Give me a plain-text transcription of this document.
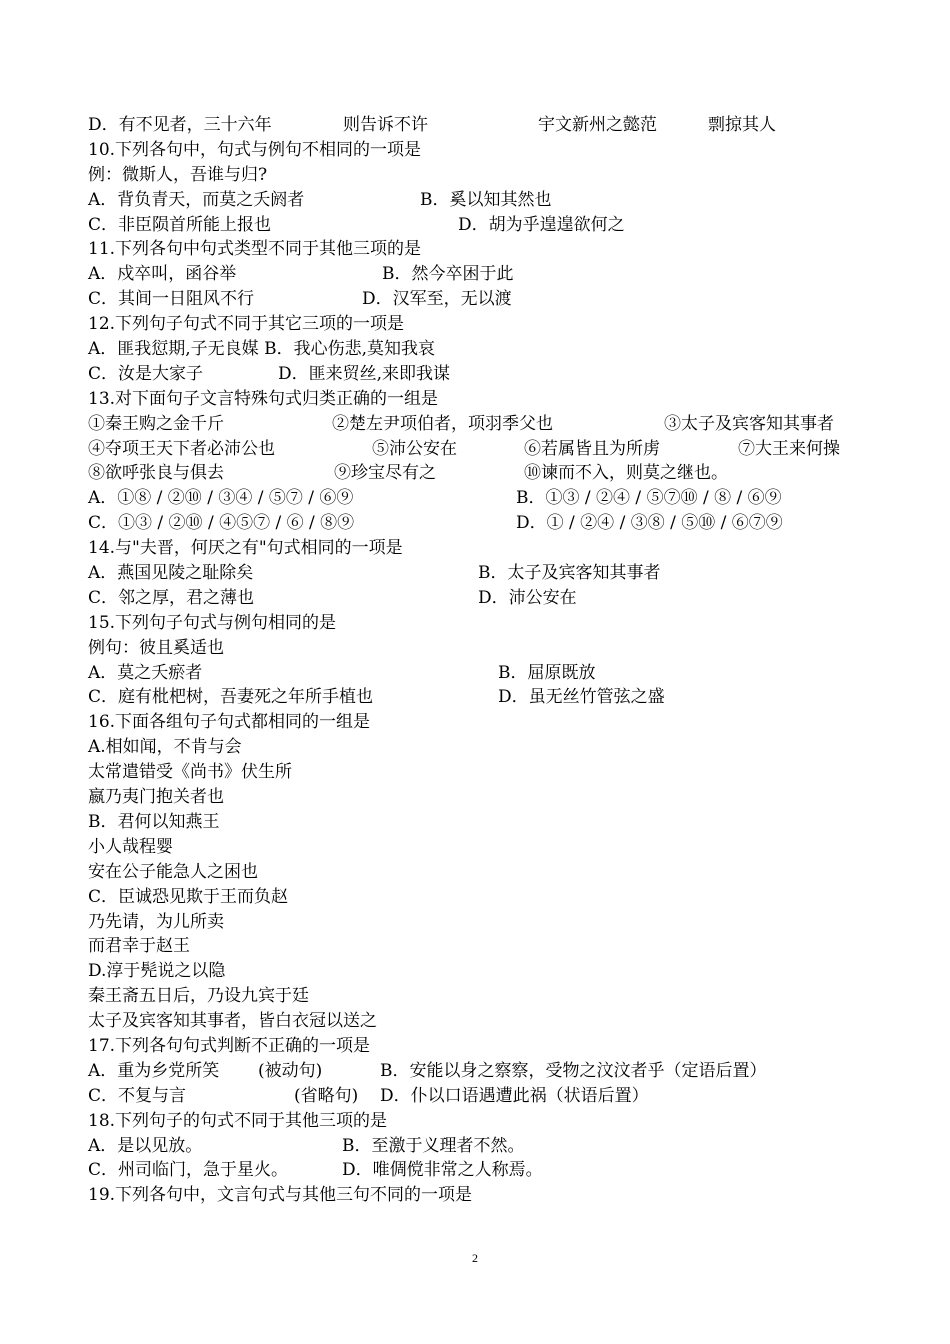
D．有不见者，三十六年	则告诉不许	宇文新州之懿范	剽掠其人
10.下列各句中，句式与例句不相同的一项是
例：微斯人，吾谁与归?
A．背负青天，而莫之夭阏者	B．奚以知其然也
C．非臣陨首所能上报也	D．胡为乎遑遑欲何之
11.下列各句中句式类型不同于其他三项的是
A．戍卒叫，函谷举	B．然今卒困于此
C．其间一日阻风不行	D．汉军至，无以渡
12.下列句子句式不同于其它三项的一项是
A．匪我愆期,子无良媒 B．我心伤悲,莫知我哀
C．汝是大家子	D．匪来贸丝,来即我谋
13.对下面句子文言特殊句式归类正确的一组是
①秦王购之金千斤	②楚左尹项伯者，项羽季父也	③太子及宾客知其事者
④夺项王天下者必沛公也	⑤沛公安在	⑥若属皆且为所虏	⑦大王来何操
⑧欲呼张良与俱去	⑨珍宝尽有之	⑩谏而不入，则莫之继也。
A．①⑧ / ②⑩ / ③④ / ⑤⑦ / ⑥⑨	B．①③ / ②④ / ⑤⑦⑩ / ⑧ / ⑥⑨
C．①③ / ②⑩ / ④⑤⑦ / ⑥ / ⑧⑨	D．① / ②④ / ③⑧ / ⑤⑩ / ⑥⑦⑨
14.与"夫晋，何厌之有"句式相同的一项是
A．燕国见陵之耻除矣	B．太子及宾客知其事者
C．邻之厚，君之薄也	D．沛公安在
15.下列句子句式与例句相同的是
例句：彼且奚适也
A．莫之夭瘀者	B．屈原既放
C．庭有枇杷树，吾妻死之年所手植也	D．虽无丝竹管弦之盛
16.下面各组句子句式都相同的一组是
A.相如闻，不肯与会
太常遣错受《尚书》伏生所
嬴乃夷门抱关者也
B．君何以知燕王
小人哉程婴
安在公子能急人之困也
C．臣诚恐见欺于王而负赵
乃先请，为儿所卖
而君幸于赵王
D.淳于髡说之以隐
秦王斋五日后，乃设九宾于廷
太子及宾客知其事者，皆白衣冠以送之
17.下列各句句式判断不正确的一项是
A．重为乡党所笑 (被动句)	B．安能以身之察察，受物之汶汶者乎（定语后置）
C．不复与言	(省略句) D．仆以口语遇遭此祸（状语后置）
18.下列句子的句式不同于其他三项的是
A．是以见放。	B．至激于义理者不然。
C．州司临门，急于星火。	D．唯倜傥非常之人称焉。
19.下列各句中，文言句式与其他三句不同的一项是
2
